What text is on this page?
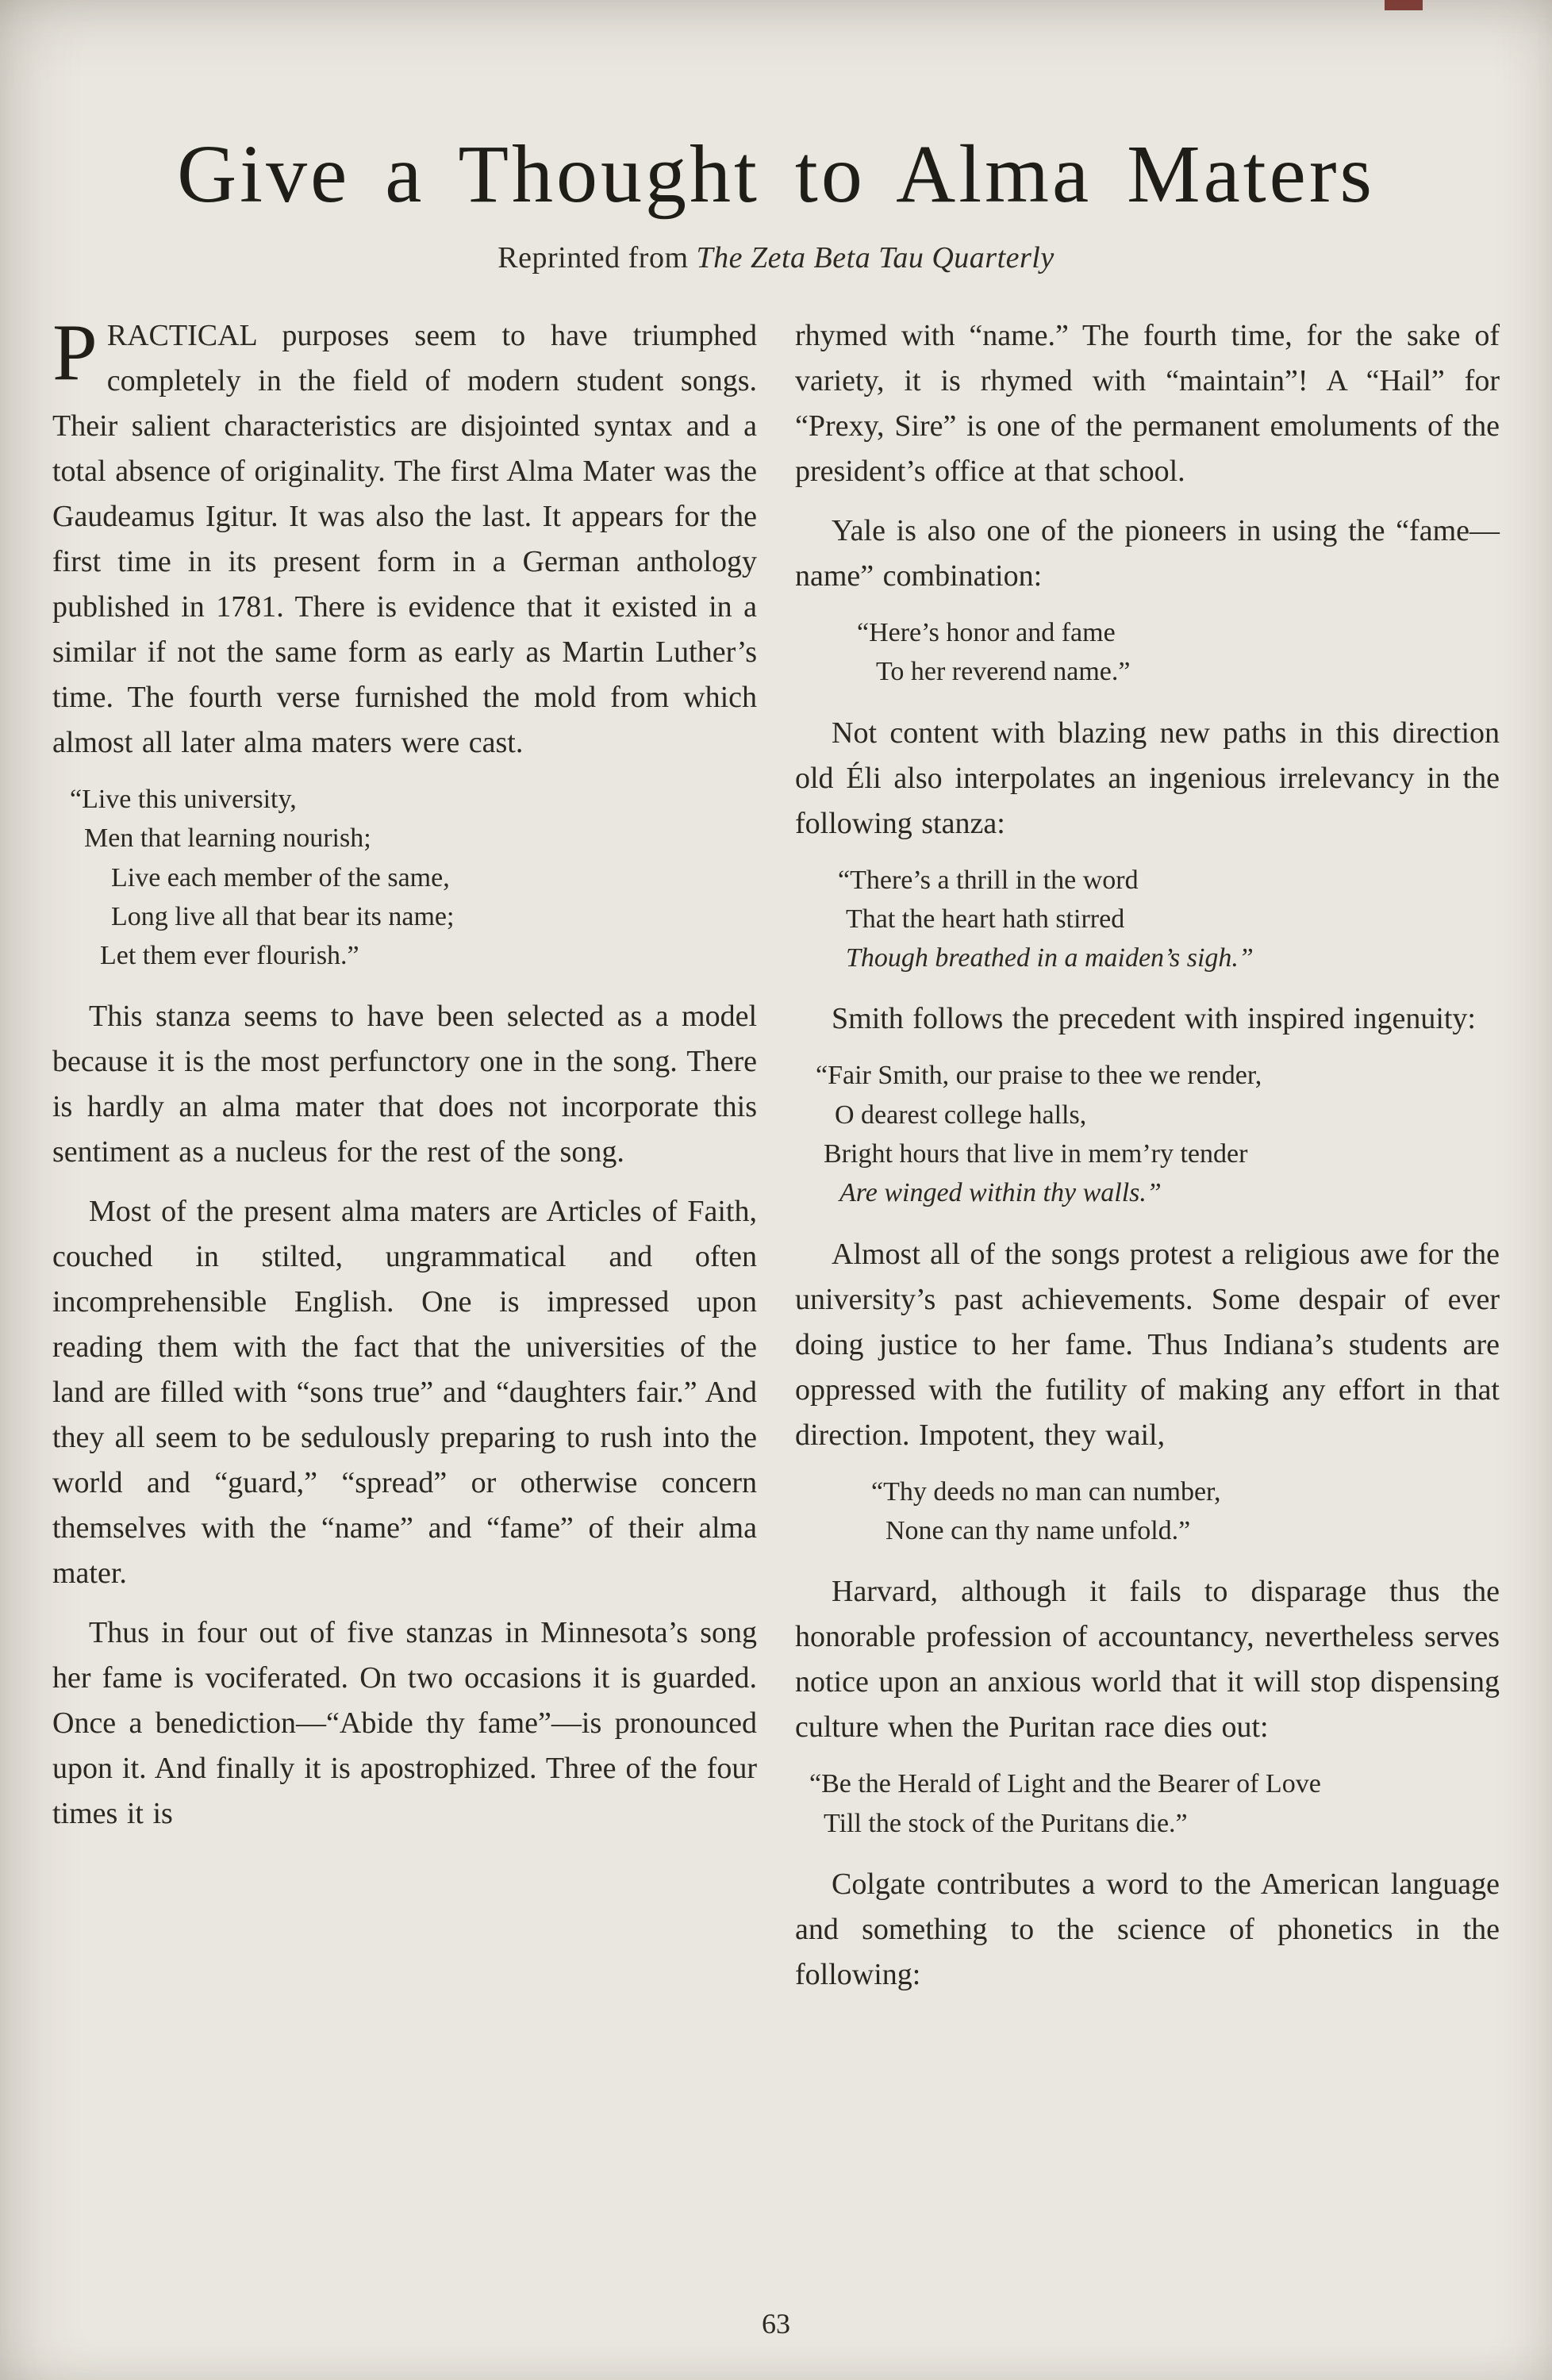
Give a Thought to Alma Maters

Reprinted from The Zeta Beta Tau Quarterly

PRACTICAL purposes seem to have triumphed completely in the field of modern student songs. Their salient characteristics are disjointed syntax and a total absence of originality. The first Alma Mater was the Gaudeamus Igitur. It was also the last. It appears for the first time in its present form in a German anthology published in 1781. There is evidence that it existed in a similar if not the same form as early as Martin Luther’s time. The fourth verse furnished the mold from which almost all later alma maters were cast.

“Live this university,
Men that learning nourish;
Live each member of the same,
Long live all that bear its name;
Let them ever flourish.”

This stanza seems to have been selected as a model because it is the most perfunctory one in the song. There is hardly an alma mater that does not incorporate this sentiment as a nucleus for the rest of the song.

Most of the present alma maters are Articles of Faith, couched in stilted, ungrammatical and often incomprehensible English. One is impressed upon reading them with the fact that the universities of the land are filled with “sons true” and “daughters fair.” And they all seem to be sedulously preparing to rush into the world and “guard,” “spread” or otherwise concern themselves with the “name” and “fame” of their alma mater.

Thus in four out of five stanzas in Minnesota’s song her fame is vociferated. On two occasions it is guarded. Once a benediction—“Abide thy fame”—is pronounced upon it. And finally it is apostrophized. Three of the four times it is

rhymed with “name.” The fourth time, for the sake of variety, it is rhymed with “maintain”! A “Hail” for “Prexy, Sire” is one of the permanent emoluments of the president’s office at that school.

Yale is also one of the pioneers in using the “fame—name” combination:

“Here’s honor and fame
To her reverend name.”

Not content with blazing new paths in this direction old Éli also interpolates an ingenious irrelevancy in the following stanza:

“There’s a thrill in the word
That the heart hath stirred
Though breathed in a maiden’s sigh.”

Smith follows the precedent with inspired ingenuity:

“Fair Smith, our praise to thee we render,
O dearest college halls,
Bright hours that live in mem’ry tender
Are winged within thy walls.”

Almost all of the songs protest a religious awe for the university’s past achievements. Some despair of ever doing justice to her fame. Thus Indiana’s students are oppressed with the futility of making any effort in that direction. Impotent, they wail,

“Thy deeds no man can number,
None can thy name unfold.”

Harvard, although it fails to disparage thus the honorable profession of accountancy, nevertheless serves notice upon an anxious world that it will stop dispensing culture when the Puritan race dies out:

“Be the Herald of Light and the Bearer of Love
Till the stock of the Puritans die.”

Colgate contributes a word to the American language and something to the science of phonetics in the following:

63
